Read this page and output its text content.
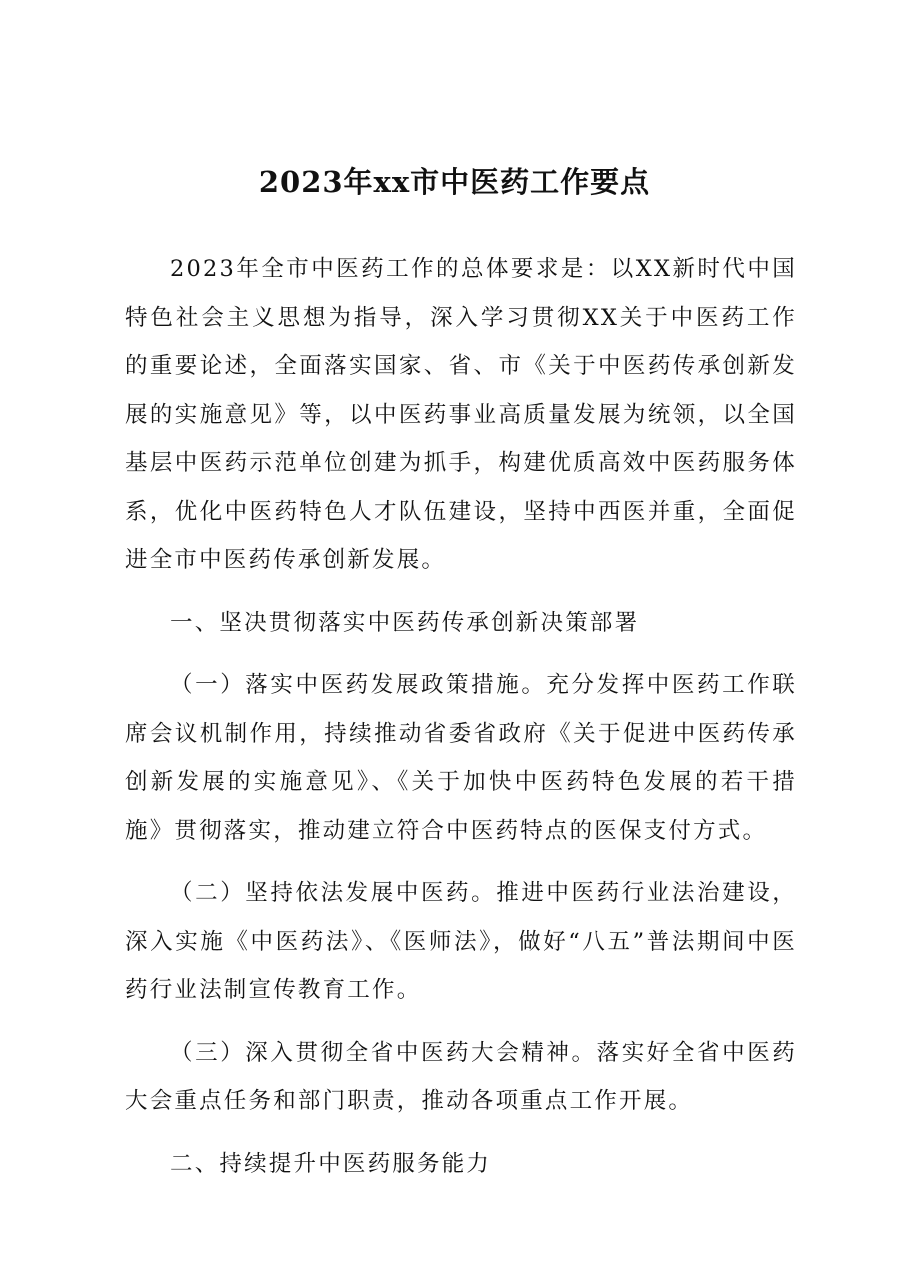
2023年xx市中医药工作要点

2023年全市中医药工作的总体要求是：以XX新时代中国特色社会主义思想为指导，深入学习贯彻XX关于中医药工作的重要论述，全面落实国家、省、市《关于中医药传承创新发展的实施意见》等，以中医药事业高质量发展为统领，以全国基层中医药示范单位创建为抓手，构建优质高效中医药服务体系，优化中医药特色人才队伍建设，坚持中西医并重，全面促进全市中医药传承创新发展。

一、坚决贯彻落实中医药传承创新决策部署

（一）落实中医药发展政策措施。充分发挥中医药工作联席会议机制作用，持续推动省委省政府《关于促进中医药传承创新发展的实施意见》、《关于加快中医药特色发展的若干措施》贯彻落实，推动建立符合中医药特点的医保支付方式。

（二）坚持依法发展中医药。推进中医药行业法治建设，深入实施《中医药法》、《医师法》，做好“八五”普法期间中医药行业法制宣传教育工作。

（三）深入贯彻全省中医药大会精神。落实好全省中医药大会重点任务和部门职责，推动各项重点工作开展。

二、持续提升中医药服务能力
